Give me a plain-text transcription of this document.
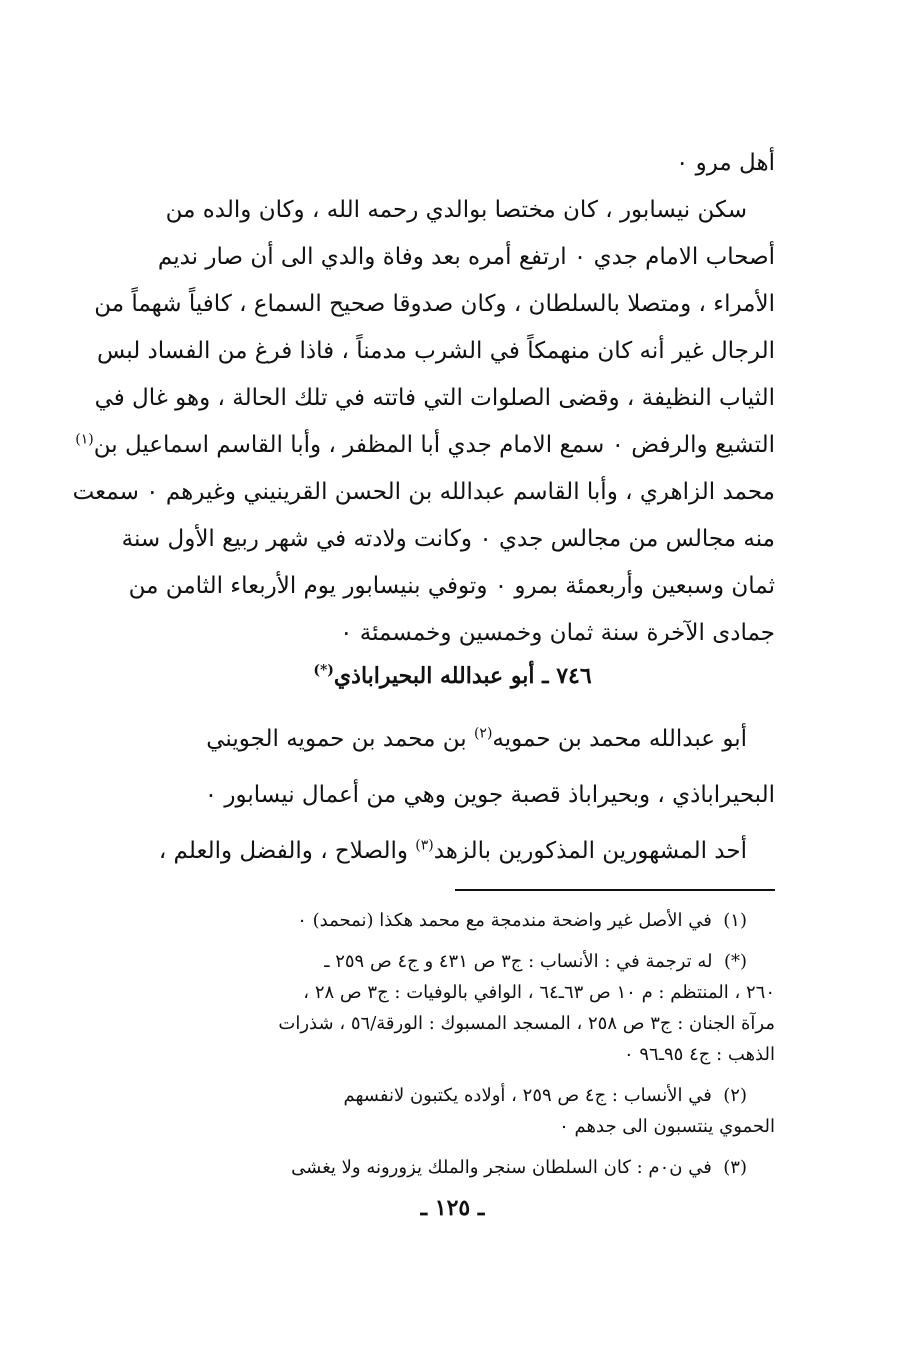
أهل مرو ٠
سكن نيسابور ، كان مختصا بوالدي رحمه الله ، وكان والده من
أصحاب الامام جدي ٠ ارتفع أمره بعد وفاة والدي الى أن صار نديم
الأمراء ، ومتصلا بالسلطان ، وكان صدوقا صحيح السماع ، كافياً شهماً من
الرجال غير أنه كان منهمكاً في الشرب مدمناً ، فاذا فرغ من الفساد لبس
الثياب النظيفة ، وقضى الصلوات التي فاتته في تلك الحالة ، وهو غال في
التشيع والرفض ٠ سمع الامام جدي أبا المظفر ، وأبا القاسم اسماعيل بن$^{(١)}$
محمد الزاهري ، وأبا القاسم عبدالله بن الحسن القرينيني وغيرهم ٠ سمعت
منه مجالس من مجالس جدي ٠ وكانت ولادته في شهر ربيع الأول سنة
ثمان وسبعين وأربعمئة بمرو ٠ وتوفي بنيسابور يوم الأربعاء الثامن من
جمادى الآخرة سنة ثمان وخمسين وخمسمئة ٠
٧٤٦ ـ أبو عبدالله البحيراباذي(*)
أبو عبدالله محمد بن حمويه$^{(٢)}$ بن محمد بن حمويه الجويني
البحيراباذي ، وبحيراباذ قصبة جوين وهي من أعمال نيسابور ٠
أحد المشهورين المذكورين بالزهد$^{(٣)}$ والصلاح ، والفضل والعلم ،
(١)  في الأصل غير واضحة مندمجة مع محمد هكذا (نمحمد) ٠
(*)  له ترجمة في : الأنساب : ج٣ ص ٤٣١ و ج٤ ص ٢٥٩ ـ
٢٦٠ ، المنتظم : م ١٠ ص ٦٣ـ٦٤ ، الوافي بالوفيات : ج٣ ص ٢٨ ،
مرآة الجنان : ج٣ ص ٢٥٨ ، المسجد المسبوك : الورقة/٥٦ ، شذرات
الذهب : ج٤ ٩٥ـ٩٦ ٠
(٢)  في الأنساب : ج٤ ص ٢٥٩ ، أولاده يكتبون لانفسهم
الحموي ينتسبون الى جدهم ٠
(٣)  في ن٠م : كان السلطان سنجر والملك يزورونه ولا يغشى
ـ ١٢٥ ـ
